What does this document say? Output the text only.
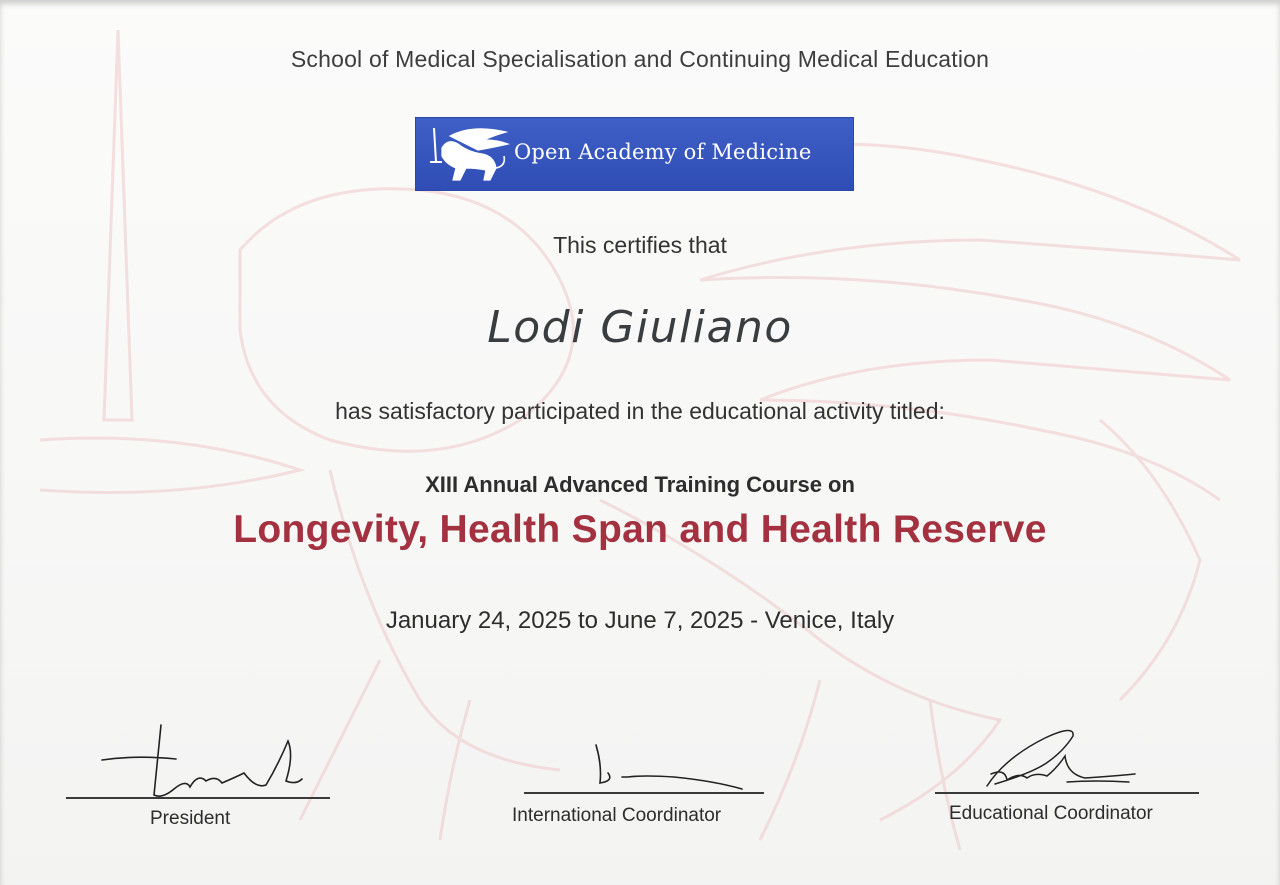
School of Medical Specialisation and Continuing Medical Education
Open Academy of Medicine
This certifies that
Lodi Giuliano
has satisfactory participated in the educational activity titled:
XIII Annual Advanced Training Course on
Longevity, Health Span and Health Reserve
January 24, 2025 to June 7, 2025 - Venice, Italy
President	International Coordinator	Educational Coordinator
